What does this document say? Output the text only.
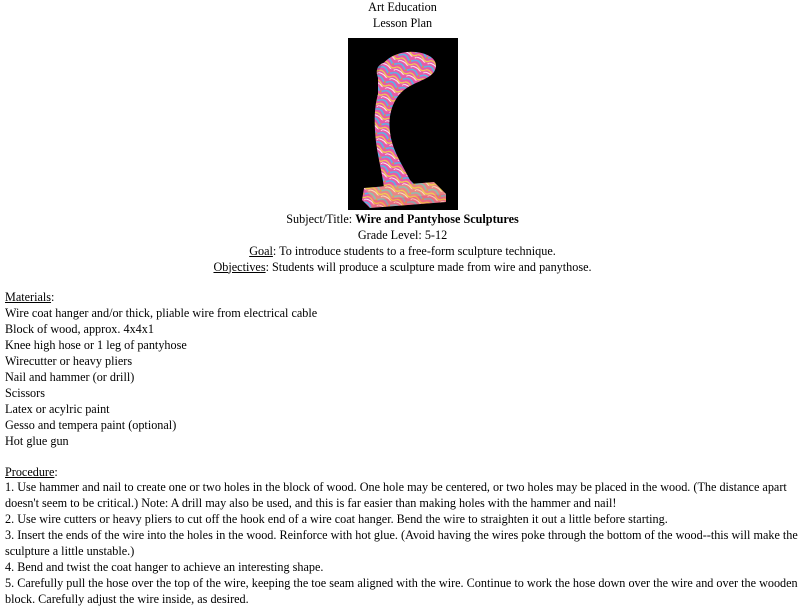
Art Education
Lesson Plan
Subject/Title: Wire and Pantyhose Sculptures
Grade Level: 5-12
Goal: To introduce students to a free-form sculpture technique.
Objectives: Students will produce a sculpture made from wire and panythose.
Materials:
Wire coat hanger and/or thick, pliable wire from electrical cable
Block of wood, approx. 4x4x1
Knee high hose or 1 leg of pantyhose
Wirecutter or heavy pliers
Nail and hammer (or drill)
Scissors
Latex or acylric paint
Gesso and tempera paint (optional)
Hot glue gun
Procedure:
1. Use hammer and nail to create one or two holes in the block of wood. One hole may be centered, or two holes may be placed in the wood. (The distance apart doesn't seem to be critical.) Note: A drill may also be used, and this is far easier than making holes with the hammer and nail!
2. Use wire cutters or heavy pliers to cut off the hook end of a wire coat hanger. Bend the wire to straighten it out a little before starting.
3. Insert the ends of the wire into the holes in the wood. Reinforce with hot glue. (Avoid having the wires poke through the bottom of the wood--this will make the sculpture a little unstable.)
4. Bend and twist the coat hanger to achieve an interesting shape.
5. Carefully pull the hose over the top of the wire, keeping the toe seam aligned with the wire. Continue to work the hose down over the wire and over the wooden block. Carefully adjust the wire inside, as desired.
